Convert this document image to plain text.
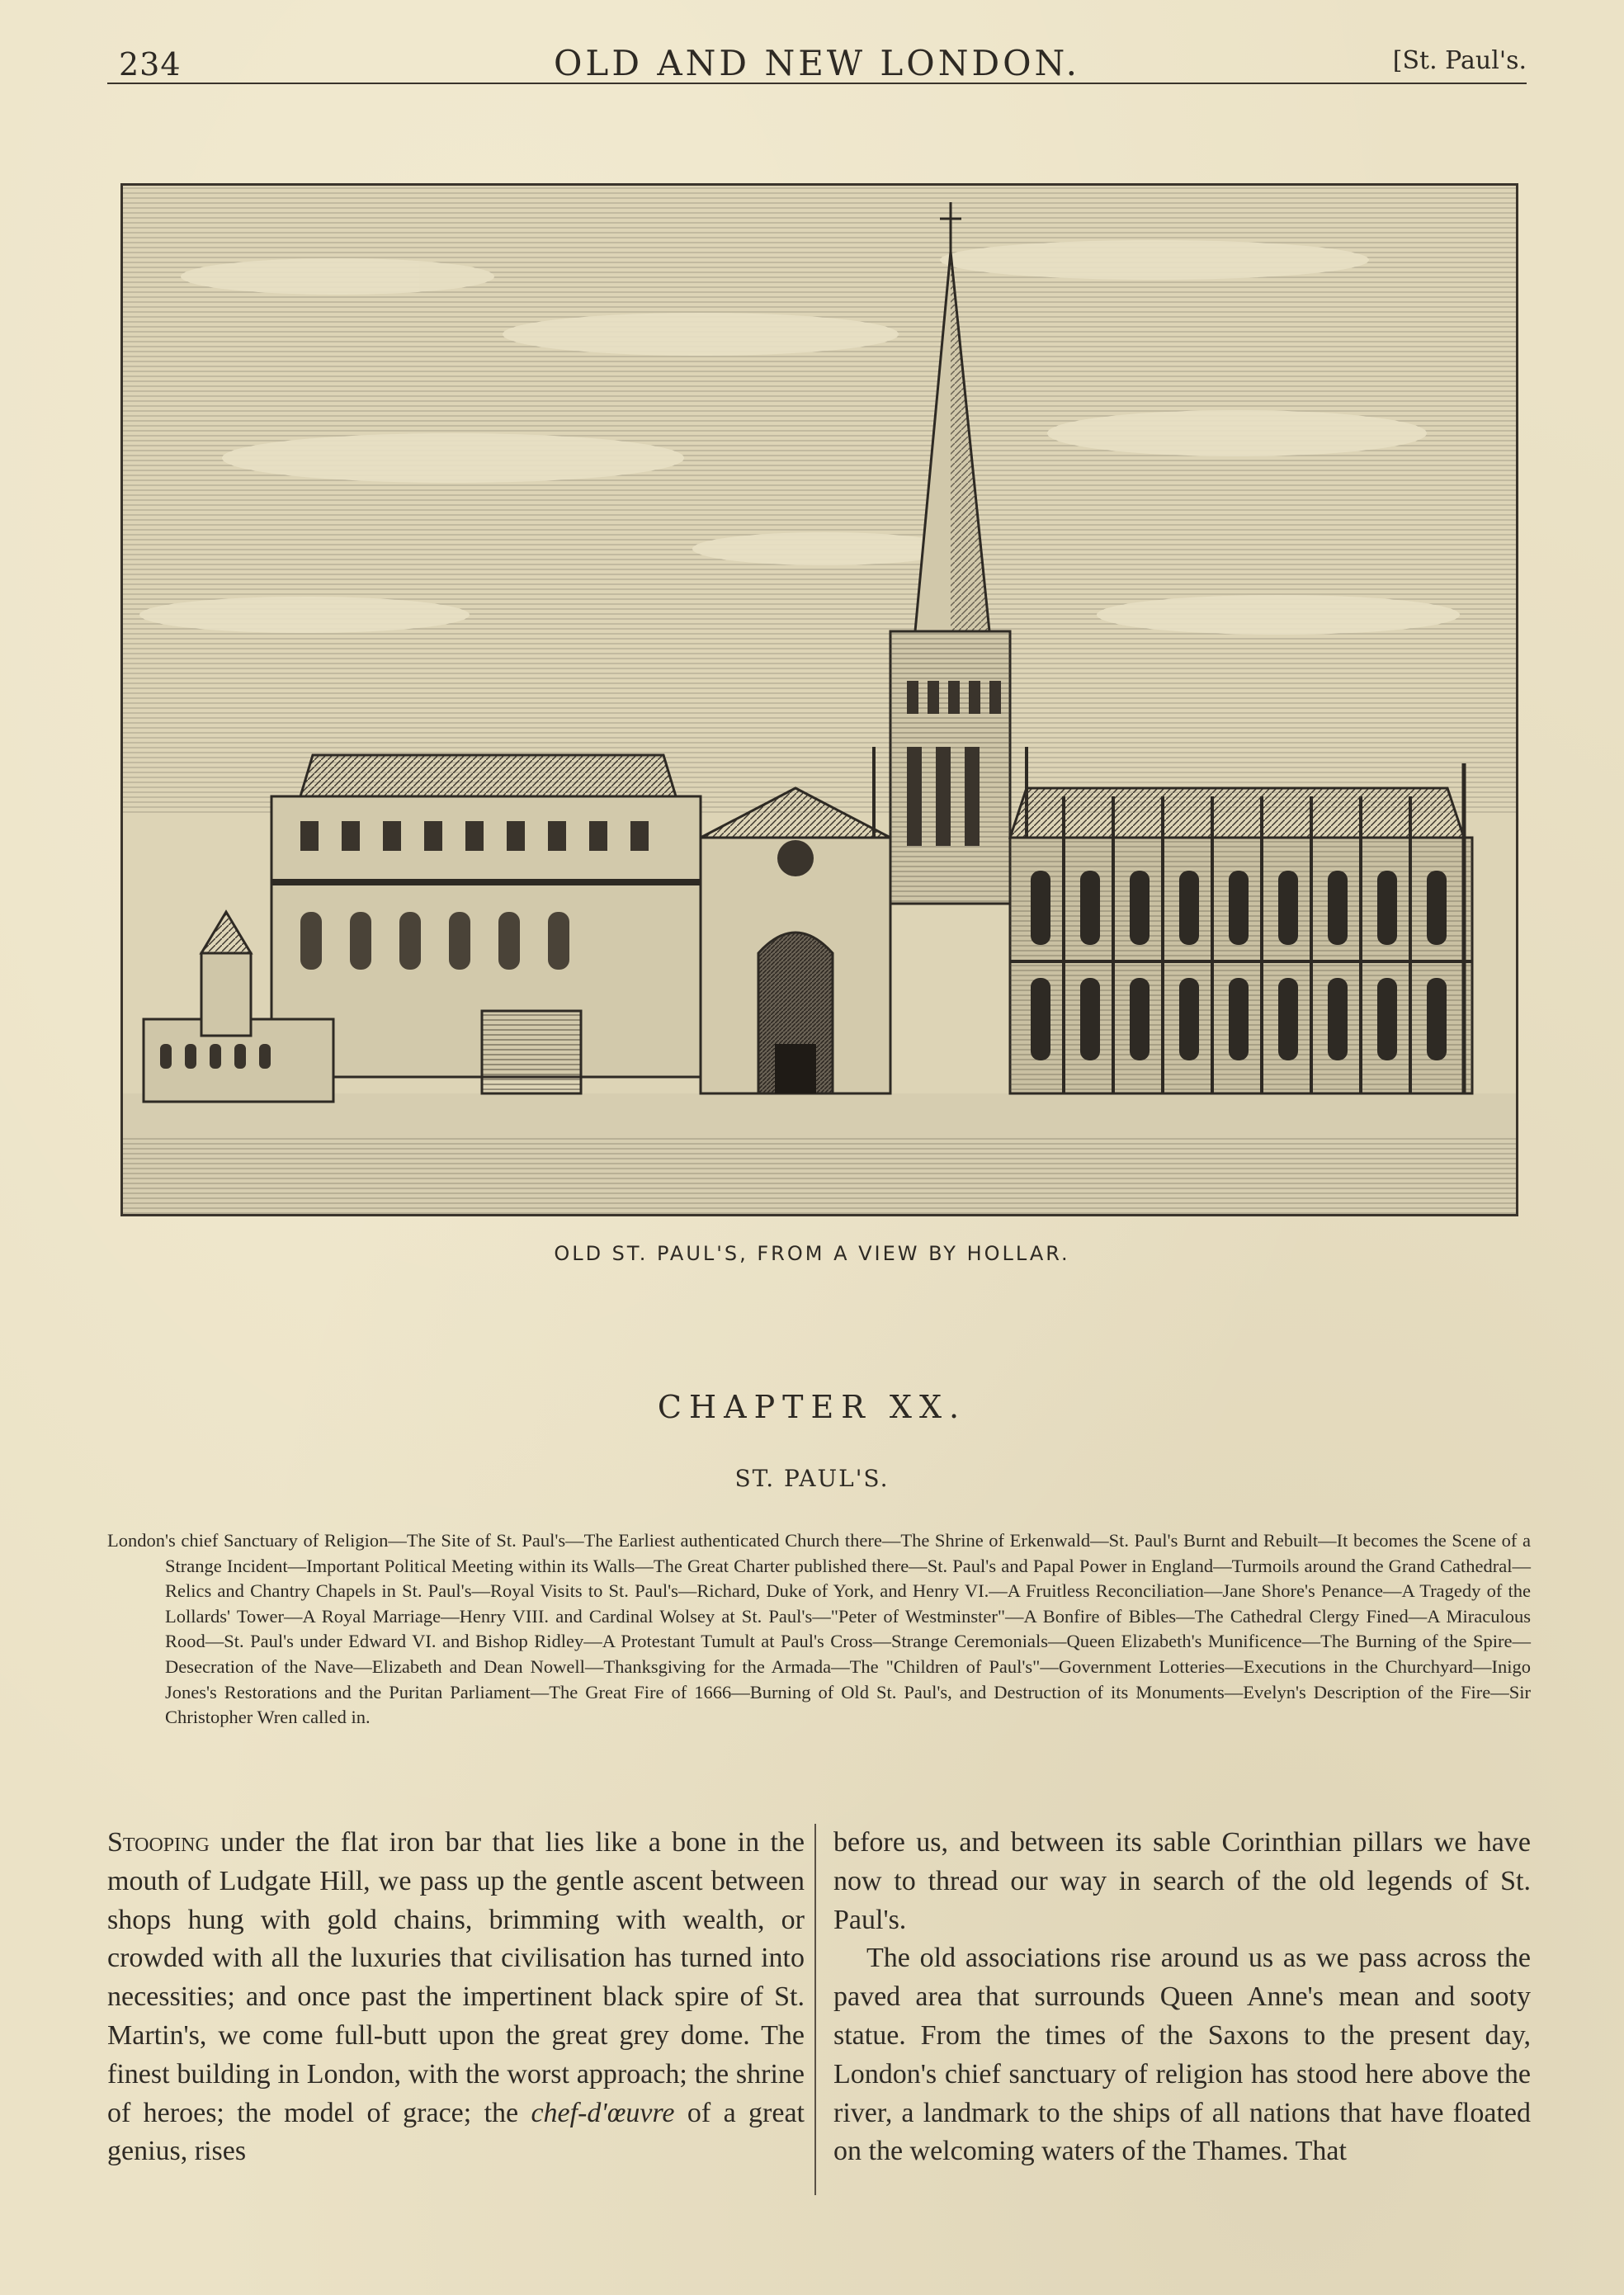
234	OLD AND NEW LONDON.	[St. Paul's.
OLD ST. PAUL'S, FROM A VIEW BY HOLLAR.
CHAPTER XX.
ST. PAUL'S.
London's chief Sanctuary of Religion—The Site of St. Paul's—The Earliest authenticated Church there—The Shrine of Erkenwald—St. Paul's Burnt and Rebuilt—It becomes the Scene of a Strange Incident—Important Political Meeting within its Walls—The Great Charter published there—St. Paul's and Papal Power in England—Turmoils around the Grand Cathedral—Relics and Chantry Chapels in St. Paul's—Royal Visits to St. Paul's—Richard, Duke of York, and Henry VI.—A Fruitless Reconciliation—Jane Shore's Penance—A Tragedy of the Lollards' Tower—A Royal Marriage—Henry VIII. and Cardinal Wolsey at St. Paul's—"Peter of Westminster"—A Bonfire of Bibles—The Cathedral Clergy Fined—A Miraculous Rood—St. Paul's under Edward VI. and Bishop Ridley—A Protestant Tumult at Paul's Cross—Strange Ceremonials—Queen Elizabeth's Munificence—The Burning of the Spire—Desecration of the Nave—Elizabeth and Dean Nowell—Thanksgiving for the Armada—The "Children of Paul's"—Government Lotteries—Executions in the Churchyard—Inigo Jones's Restorations and the Puritan Parliament—The Great Fire of 1666—Burning of Old St. Paul's, and Destruction of its Monuments—Evelyn's Description of the Fire—Sir Christopher Wren called in.

Stooping under the flat iron bar that lies like a bone in the mouth of Ludgate Hill, we pass up the gentle ascent between shops hung with gold chains, brimming with wealth, or crowded with all the luxuries that civilisation has turned into necessities; and once past the impertinent black spire of St. Martin's, we come full-butt upon the great grey dome. The finest building in London, with the worst approach; the shrine of heroes; the model of grace; the chef-d'œuvre of a great genius, rises

before us, and between its sable Corinthian pillars we have now to thread our way in search of the old legends of St. Paul's.

The old associations rise around us as we pass across the paved area that surrounds Queen Anne's mean and sooty statue. From the times of the Saxons to the present day, London's chief sanctuary of religion has stood here above the river, a landmark to the ships of all nations that have floated on the welcoming waters of the Thames. That
